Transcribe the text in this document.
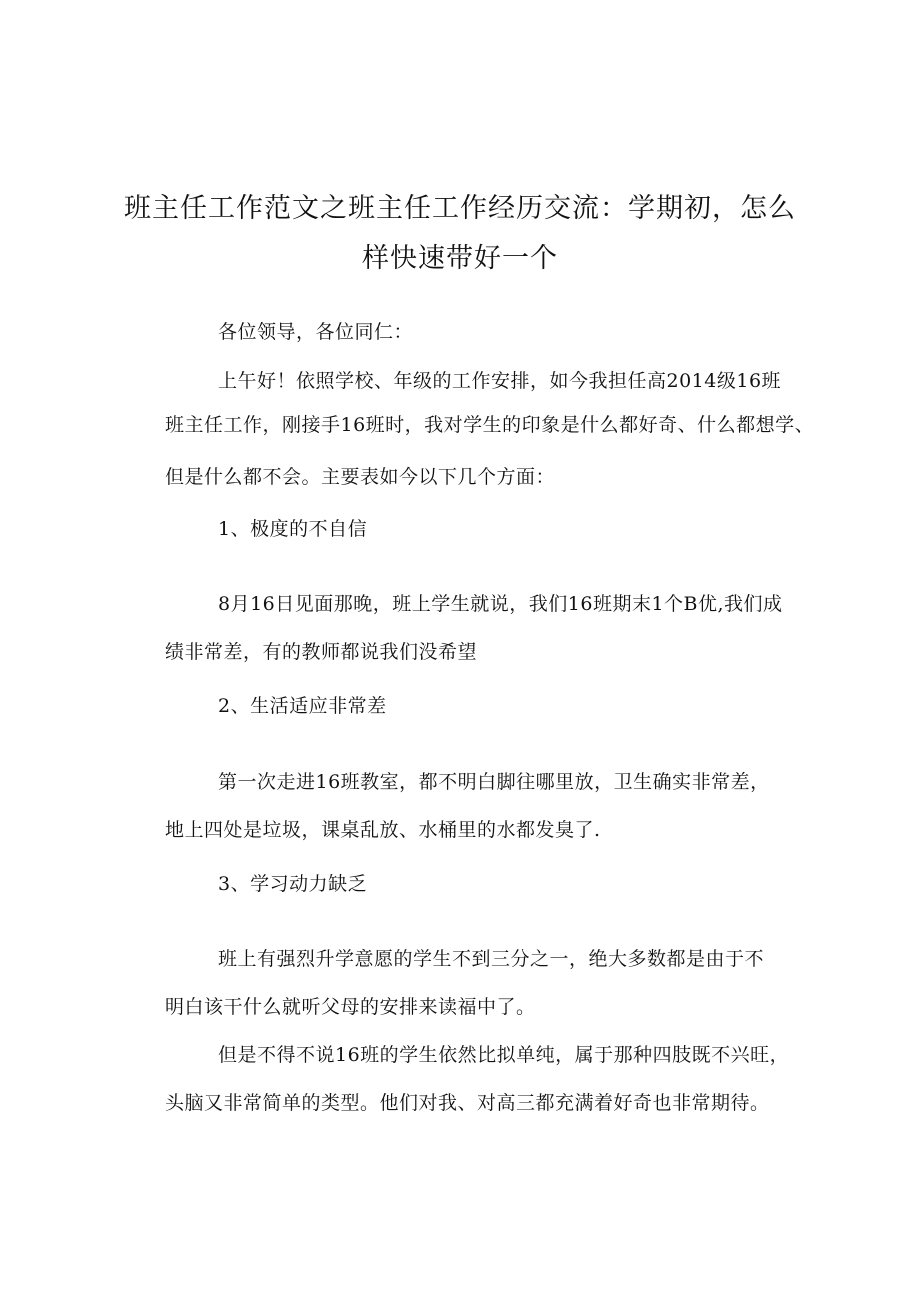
班主任工作范文之班主任工作经历交流：学期初，怎么
样快速带好一个
各位领导，各位同仁：
上午好！依照学校、年级的工作安排，如今我担任高2014级16班
班主任工作，刚接手16班时，我对学生的印象是什么都好奇、什么都想学、
但是什么都不会。主要表如今以下几个方面：
1、极度的不自信
8月16日见面那晚，班上学生就说，我们16班期末1个B优,我们成
绩非常差，有的教师都说我们没希望
2、生活适应非常差
第一次走进16班教室，都不明白脚往哪里放，卫生确实非常差，
地上四处是垃圾，课桌乱放、水桶里的水都发臭了.
3、学习动力缺乏
班上有强烈升学意愿的学生不到三分之一，绝大多数都是由于不
明白该干什么就听父母的安排来读福中了。
但是不得不说16班的学生依然比拟单纯，属于那种四肢既不兴旺，
头脑又非常简单的类型。他们对我、对高三都充满着好奇也非常期待。
